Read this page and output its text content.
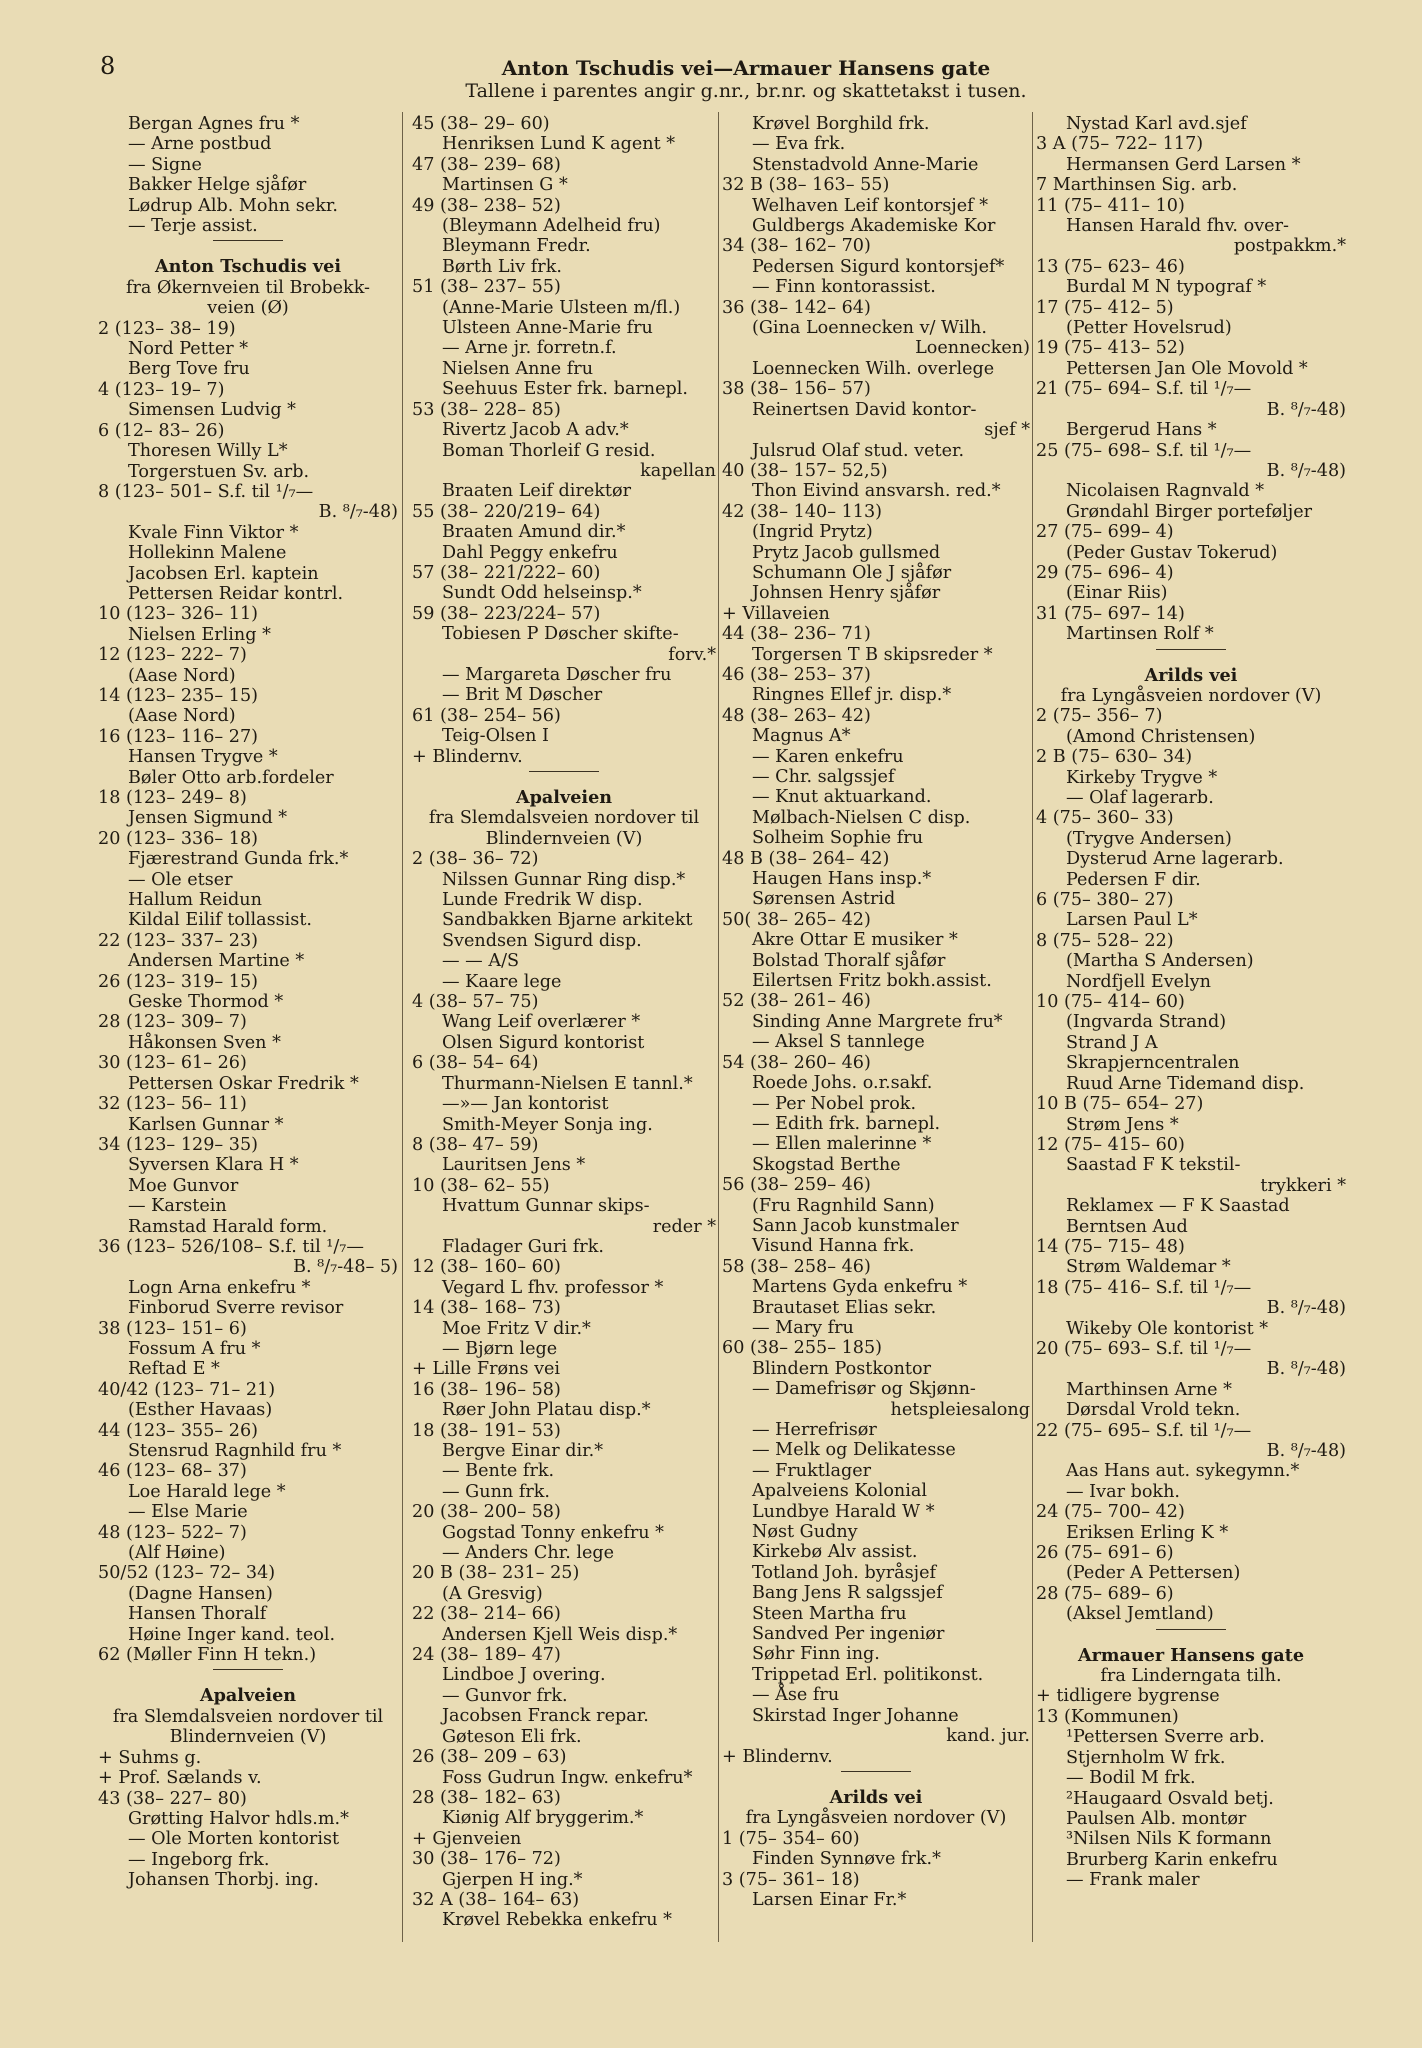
8	Anton Tschudis vei—Armauer Hansens gate
Tallene i parentes angir g.nr., br.nr. og skattetakst i tusen.
Bergan Agnes fru *
— Arne postbud
— Signe
Bakker Helge sjåfør
Lødrup Alb. Mohn sekr.
— Terje assist.
Anton Tschudis vei
fra Økernveien til Brobekk-
veien (Ø)
2 (123– 38– 19)
Nord Petter *
Berg Tove fru
4 (123– 19– 7)
Simensen Ludvig *
6 (12– 83– 26)
Thoresen Willy L*
Torgerstuen Sv. arb.
8 (123– 501– S.f. til ¹/₇—
B. ⁸/₇-48)
Kvale Finn Viktor *
Hollekinn Malene
Jacobsen Erl. kaptein
Pettersen Reidar kontrl.
10 (123– 326– 11)
Nielsen Erling *
12 (123– 222– 7)
(Aase Nord)
14 (123– 235– 15)
(Aase Nord)
16 (123– 116– 27)
Hansen Trygve *
Bøler Otto arb.fordeler
18 (123– 249– 8)
Jensen Sigmund *
20 (123– 336– 18)
Fjærestrand Gunda frk.*
— Ole etser
Hallum Reidun
Kildal Eilif tollassist.
22 (123– 337– 23)
Andersen Martine *
26 (123– 319– 15)
Geske Thormod *
28 (123– 309– 7)
Håkonsen Sven *
30 (123– 61– 26)
Pettersen Oskar Fredrik *
32 (123– 56– 11)
Karlsen Gunnar *
34 (123– 129– 35)
Syversen Klara H *
Moe Gunvor
— Karstein
Ramstad Harald form.
36 (123– 526/108– S.f. til ¹/₇—
B. ⁸/₇-48– 5)
Logn Arna enkefru *
Finborud Sverre revisor
38 (123– 151– 6)
Fossum A fru *
Reftad E *
40/42 (123– 71– 21)
(Esther Havaas)
44 (123– 355– 26)
Stensrud Ragnhild fru *
46 (123– 68– 37)
Loe Harald lege *
— Else Marie
48 (123– 522– 7)
(Alf Høine)
50/52 (123– 72– 34)
(Dagne Hansen)
Hansen Thoralf
Høine Inger kand. teol.
62 (Møller Finn H tekn.)
Apalveien
fra Slemdalsveien nordover til
Blindernveien (V)
+ Suhms g.
+ Prof. Sælands v.
43 (38– 227– 80)
Grøtting Halvor hdls.m.*
— Ole Morten kontorist
— Ingeborg frk.
Johansen Thorbj. ing.
45 (38– 29– 60)
Henriksen Lund K agent *
47 (38– 239– 68)
Martinsen G *
49 (38– 238– 52)
(Bleymann Adelheid fru)
Bleymann Fredr.
Børth Liv frk.
51 (38– 237– 55)
(Anne-Marie Ulsteen m/fl.)
Ulsteen Anne-Marie fru
— Arne jr. forretn.f.
Nielsen Anne fru
Seehuus Ester frk. barnepl.
53 (38– 228– 85)
Rivertz Jacob A adv.*
Boman Thorleif G resid.
kapellan
Braaten Leif direktør
55 (38– 220/219– 64)
Braaten Amund dir.*
Dahl Peggy enkefru
57 (38– 221/222– 60)
Sundt Odd helseinsp.*
59 (38– 223/224– 57)
Tobiesen P Døscher skifte-
forv.*
— Margareta Døscher fru
— Brit M Døscher
61 (38– 254– 56)
Teig-Olsen I
+ Blindernv.
Apalveien
fra Slemdalsveien nordover til
Blindernveien (V)
2 (38– 36– 72)
Nilssen Gunnar Ring disp.*
Lunde Fredrik W disp.
Sandbakken Bjarne arkitekt
Svendsen Sigurd disp.
— — A/S
— Kaare lege
4 (38– 57– 75)
Wang Leif overlærer *
Olsen Sigurd kontorist
6 (38– 54– 64)
Thurmann-Nielsen E tannl.*
—»— Jan kontorist
Smith-Meyer Sonja ing.
8 (38– 47– 59)
Lauritsen Jens *
10 (38– 62– 55)
Hvattum Gunnar skips-
reder *
Fladager Guri frk.
12 (38– 160– 60)
Vegard L fhv. professor *
14 (38– 168– 73)
Moe Fritz V dir.*
— Bjørn lege
+ Lille Frøns vei
16 (38– 196– 58)
Røer John Platau disp.*
18 (38– 191– 53)
Bergve Einar dir.*
— Bente frk.
— Gunn frk.
20 (38– 200– 58)
Gogstad Tonny enkefru *
— Anders Chr. lege
20 B (38– 231– 25)
(A Gresvig)
22 (38– 214– 66)
Andersen Kjell Weis disp.*
24 (38– 189– 47)
Lindboe J overing.
— Gunvor frk.
Jacobsen Franck repar.
Gøteson Eli frk.
26 (38– 209 – 63)
Foss Gudrun Ingw. enkefru*
28 (38– 182– 63)
Kiønig Alf bryggerim.*
+ Gjenveien
30 (38– 176– 72)
Gjerpen H ing.*
32 A (38– 164– 63)
Krøvel Rebekka enkefru *
Krøvel Borghild frk.
— Eva frk.
Stenstadvold Anne-Marie
32 B (38– 163– 55)
Welhaven Leif kontorsjef *
Guldbergs Akademiske Kor
34 (38– 162– 70)
Pedersen Sigurd kontorsjef*
— Finn kontorassist.
36 (38– 142– 64)
(Gina Loennecken v/ Wilh.
Loennecken)
Loennecken Wilh. overlege
38 (38– 156– 57)
Reinertsen David kontor-
sjef *
Julsrud Olaf stud. veter.
40 (38– 157– 52,5)
Thon Eivind ansvarsh. red.*
42 (38– 140– 113)
(Ingrid Prytz)
Prytz Jacob gullsmed
Schumann Ole J sjåfør
Johnsen Henry sjåfør
+ Villaveien
44 (38– 236– 71)
Torgersen T B skipsreder *
46 (38– 253– 37)
Ringnes Ellef jr. disp.*
48 (38– 263– 42)
Magnus A*
— Karen enkefru
— Chr. salgssjef
— Knut aktuarkand.
Mølbach-Nielsen C disp.
Solheim Sophie fru
48 B (38– 264– 42)
Haugen Hans insp.*
Sørensen Astrid
50( 38– 265– 42)
Akre Ottar E musiker *
Bolstad Thoralf sjåfør
Eilertsen Fritz bokh.assist.
52 (38– 261– 46)
Sinding Anne Margrete fru*
— Aksel S tannlege
54 (38– 260– 46)
Roede Johs. o.r.sakf.
— Per Nobel prok.
— Edith frk. barnepl.
— Ellen malerinne *
Skogstad Berthe
56 (38– 259– 46)
(Fru Ragnhild Sann)
Sann Jacob kunstmaler
Visund Hanna frk.
58 (38– 258– 46)
Martens Gyda enkefru *
Brautaset Elias sekr.
— Mary fru
60 (38– 255– 185)
Blindern Postkontor
— Damefrisør og Skjønn-
hetspleiesalong
— Herrefrisør
— Melk og Delikatesse
— Fruktlager
Apalveiens Kolonial
Lundbye Harald W *
Nøst Gudny
Kirkebø Alv assist.
Totland Joh. byråsjef
Bang Jens R salgssjef
Steen Martha fru
Sandved Per ingeniør
Søhr Finn ing.
Trippetad Erl. politikonst.
— Åse fru
Skirstad Inger Johanne
kand. jur.
+ Blindernv.
Arilds vei
fra Lyngåsveien nordover (V)
1 (75– 354– 60)
Finden Synnøve frk.*
3 (75– 361– 18)
Larsen Einar Fr.*
Nystad Karl avd.sjef
3 A (75– 722– 117)
Hermansen Gerd Larsen *
7 Marthinsen Sig. arb.
11 (75– 411– 10)
Hansen Harald fhv. over-
postpakkm.*
13 (75– 623– 46)
Burdal M N typograf *
17 (75– 412– 5)
(Petter Hovelsrud)
19 (75– 413– 52)
Pettersen Jan Ole Movold *
21 (75– 694– S.f. til ¹/₇—
B. ⁸/₇-48)
Bergerud Hans *
25 (75– 698– S.f. til ¹/₇—
B. ⁸/₇-48)
Nicolaisen Ragnvald *
Grøndahl Birger porteføljer
27 (75– 699– 4)
(Peder Gustav Tokerud)
29 (75– 696– 4)
(Einar Riis)
31 (75– 697– 14)
Martinsen Rolf *
Arilds vei
fra Lyngåsveien nordover (V)
2 (75– 356– 7)
(Amond Christensen)
2 B (75– 630– 34)
Kirkeby Trygve *
— Olaf lagerarb.
4 (75– 360– 33)
(Trygve Andersen)
Dysterud Arne lagerarb.
Pedersen F dir.
6 (75– 380– 27)
Larsen Paul L*
8 (75– 528– 22)
(Martha S Andersen)
Nordfjell Evelyn
10 (75– 414– 60)
(Ingvarda Strand)
Strand J A
Skrapjerncentralen
Ruud Arne Tidemand disp.
10 B (75– 654– 27)
Strøm Jens *
12 (75– 415– 60)
Saastad F K tekstil-
trykkeri *
Reklamex — F K Saastad
Berntsen Aud
14 (75– 715– 48)
Strøm Waldemar *
18 (75– 416– S.f. til ¹/₇—
B. ⁸/₇-48)
Wikeby Ole kontorist *
20 (75– 693– S.f. til ¹/₇—
B. ⁸/₇-48)
Marthinsen Arne *
Dørsdal Vrold tekn.
22 (75– 695– S.f. til ¹/₇—
B. ⁸/₇-48)
Aas Hans aut. sykegymn.*
— Ivar bokh.
24 (75– 700– 42)
Eriksen Erling K *
26 (75– 691– 6)
(Peder A Pettersen)
28 (75– 689– 6)
(Aksel Jemtland)
Armauer Hansens gate
fra Linderngata tilh.
+ tidligere bygrense
13 (Kommunen)
¹Pettersen Sverre arb.
Stjernholm W frk.
— Bodil M frk.
²Haugaard Osvald betj.
Paulsen Alb. montør
³Nilsen Nils K formann
Brurberg Karin enkefru
— Frank maler
